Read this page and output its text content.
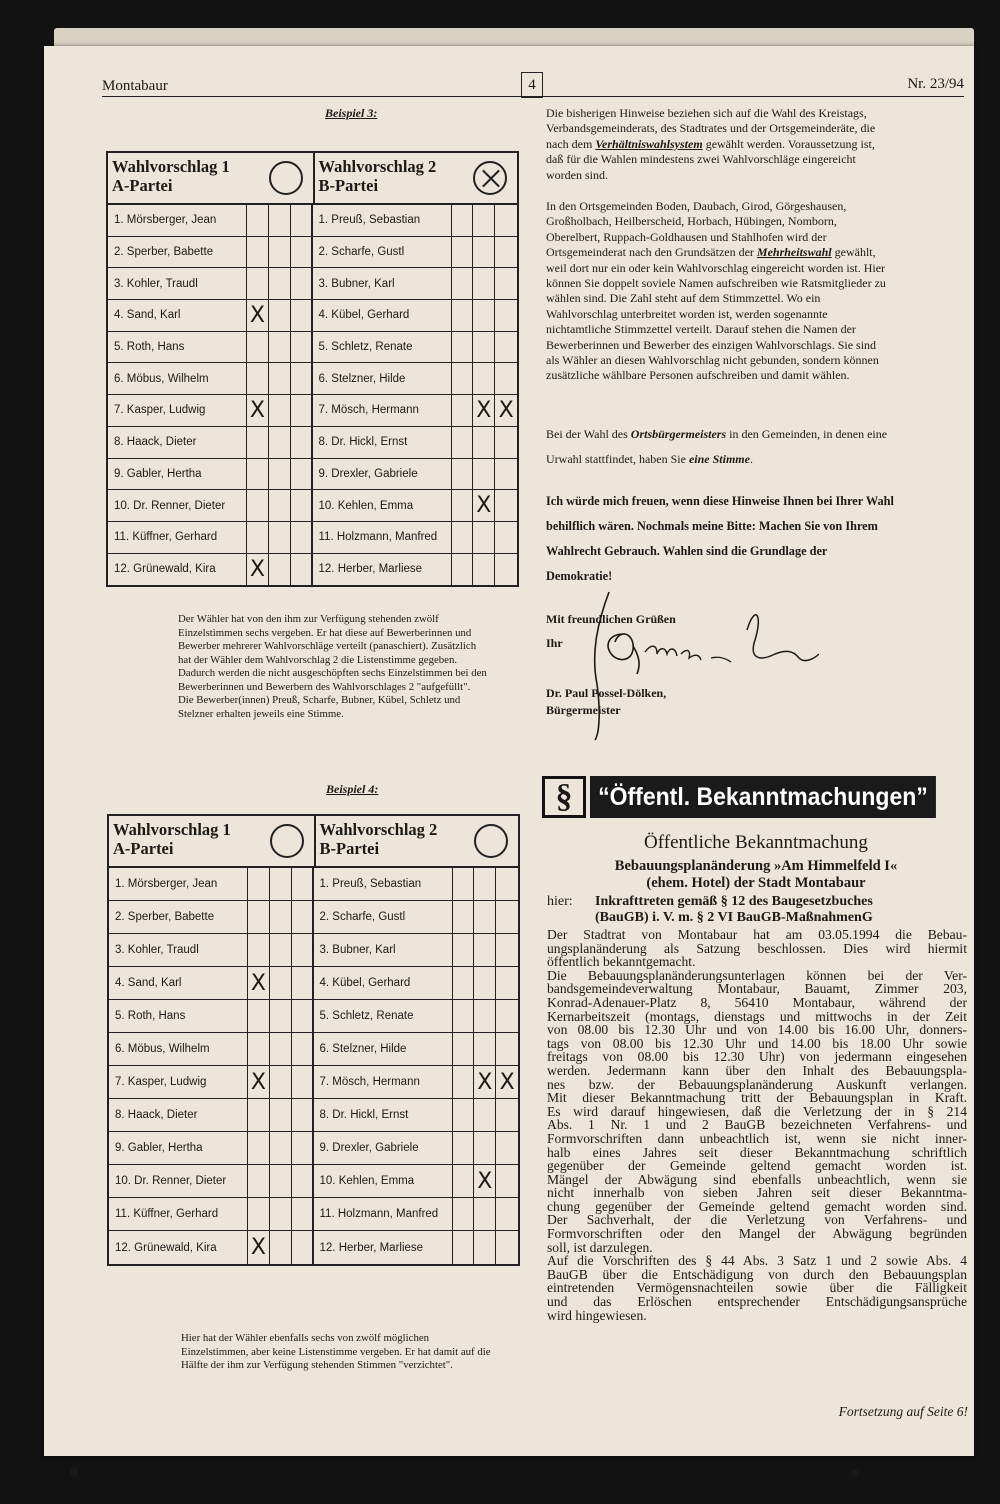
Montabaur	4	Nr. 23/94
Beispiel 3:
Wahlvorschlag 1
A-Partei
Wahlvorschlag 2
B-Partei
1. Mörsberger, Jean	1. Preuß, Sebastian
2. Sperber, Babette	2. Scharfe, Gustl
3. Kohler, Traudl	3. Bubner, Karl
4. Sand, Karl	X	4. Kübel, Gerhard
5. Roth, Hans	5. Schletz, Renate
6. Möbus, Wilhelm	6. Stelzner, Hilde
7. Kasper, Ludwig	X	7. Mösch, Hermann	X X
8. Haack, Dieter	8. Dr. Hickl, Ernst
9. Gabler, Hertha	9. Drexler, Gabriele
10. Dr. Renner, Dieter	10. Kehlen, Emma	X
11. Küffner, Gerhard	11. Holzmann, Manfred
12. Grünewald, Kira	X	12. Herber, Marliese
Der Wähler hat von den ihm zur Verfügung stehenden zwölf
Einzelstimmen sechs vergeben. Er hat diese auf Bewerberinnen und
Bewerber mehrerer Wahlvorschläge verteilt (panaschiert). Zusätzlich
hat der Wähler dem Wahlvorschlag 2 die Listenstimme gegeben.
Dadurch werden die nicht ausgeschöpften sechs Einzelstimmen bei den
Bewerberinnen und Bewerbern des Wahlvorschlages 2 "aufgefüllt".
Die Bewerber(innen) Preuß, Scharfe, Bubner, Kübel, Schletz und
Stelzner erhalten jeweils eine Stimme.
Beispiel 4:
Wahlvorschlag 1
A-Partei
Wahlvorschlag 2
B-Partei
1. Mörsberger, Jean	1. Preuß, Sebastian
2. Sperber, Babette	2. Scharfe, Gustl
3. Kohler, Traudl	3. Bubner, Karl
4. Sand, Karl	X	4. Kübel, Gerhard
5. Roth, Hans	5. Schletz, Renate
6. Möbus, Wilhelm	6. Stelzner, Hilde
7. Kasper, Ludwig	X	7. Mösch, Hermann	X X
8. Haack, Dieter	8. Dr. Hickl, Ernst
9. Gabler, Hertha	9. Drexler, Gabriele
10. Dr. Renner, Dieter	10. Kehlen, Emma	X
11. Küffner, Gerhard	11. Holzmann, Manfred
12. Grünewald, Kira	X	12. Herber, Marliese
Hier hat der Wähler ebenfalls sechs von zwölf möglichen
Einzelstimmen, aber keine Listenstimme vergeben. Er hat damit auf die
Hälfte der ihm zur Verfügung stehenden Stimmen "verzichtet".
Die bisherigen Hinweise beziehen sich auf die Wahl des Kreistags,
Verbandsgemeinderats, des Stadtrates und der Ortsgemeinderäte, die
nach dem Verhältniswahlsystem gewählt werden. Voraussetzung ist,
daß für die Wahlen mindestens zwei Wahlvorschläge eingereicht
worden sind.
In den Ortsgemeinden Boden, Daubach, Girod, Görgeshausen,
Großholbach, Heilberscheid, Horbach, Hübingen, Nomborn,
Oberelbert, Ruppach-Goldhausen und Stahlhofen wird der
Ortsgemeinderat nach den Grundsätzen der Mehrheitswahl gewählt,
weil dort nur ein oder kein Wahlvorschlag eingereicht worden ist. Hier
können Sie doppelt soviele Namen aufschreiben wie Ratsmitglieder zu
wählen sind. Die Zahl steht auf dem Stimmzettel. Wo ein
Wahlvorschlag unterbreitet worden ist, werden sogenannte
nichtamtliche Stimmzettel verteilt. Darauf stehen die Namen der
Bewerberinnen und Bewerber des einzigen Wahlvorschlags. Sie sind
als Wähler an diesen Wahlvorschlag nicht gebunden, sondern können
zusätzliche wählbare Personen aufschreiben und damit wählen.
Bei der Wahl des Ortsbürgermeisters in den Gemeinden, in denen eine
Urwahl stattfindet, haben Sie eine Stimme.
Ich würde mich freuen, wenn diese Hinweise Ihnen bei Ihrer Wahl
behilflich wären. Nochmals meine Bitte: Machen Sie von Ihrem
Wahlrecht Gebrauch. Wahlen sind die Grundlage der
Demokratie!
Mit freundlichen Grüßen
Ihr
Dr. Paul Possel-Dölken,
Bürgermeister
§	“Öffentl. Bekanntmachungen”
Öffentliche Bekanntmachung
Bebauungsplanänderung »Am Himmelfeld I«
(ehem. Hotel) der Stadt Montabaur
hier: Inkrafttreten gemäß § 12 des Baugesetzbuches
(BauGB) i. V. m. § 2 VI BauGB-MaßnahmenG
Der Stadtrat von Montabaur hat am 03.05.1994 die Bebau-
ungsplanänderung als Satzung beschlossen. Dies wird hiermit
öffentlich bekanntgemacht.
Die Bebauungsplanänderungsunterlagen können bei der Ver-
bandsgemeindeverwaltung Montabaur, Bauamt, Zimmer 203,
Konrad-Adenauer-Platz 8, 56410 Montabaur, während der
Kernarbeitszeit (montags, dienstags und mittwochs in der Zeit
von 08.00 bis 12.30 Uhr und von 14.00 bis 16.00 Uhr, donners-
tags von 08.00 bis 12.30 Uhr und 14.00 bis 18.00 Uhr sowie
freitags von 08.00 bis 12.30 Uhr) von jedermann eingesehen
werden. Jedermann kann über den Inhalt des Bebauungspla-
nes bzw. der Bebauungsplanänderung Auskunft verlangen.
Mit dieser Bekanntmachung tritt der Bebauungsplan in Kraft.
Es wird darauf hingewiesen, daß die Verletzung der in § 214
Abs. 1 Nr. 1 und 2 BauGB bezeichneten Verfahrens- und
Formvorschriften dann unbeachtlich ist, wenn sie nicht inner-
halb eines Jahres seit dieser Bekanntmachung schriftlich
gegenüber der Gemeinde geltend gemacht worden ist.
Mängel der Abwägung sind ebenfalls unbeachtlich, wenn sie
nicht innerhalb von sieben Jahren seit dieser Bekanntma-
chung gegenüber der Gemeinde geltend gemacht worden sind.
Der Sachverhalt, der die Verletzung von Verfahrens- und
Formvorschriften oder den Mangel der Abwägung begründen
soll, ist darzulegen.
Auf die Vorschriften des § 44 Abs. 3 Satz 1 und 2 sowie Abs. 4
BauGB über die Entschädigung von durch den Bebauungsplan
eintretenden Vermögensnachteilen sowie über die Fälligkeit
und das Erlöschen entsprechender Entschädigungsansprüche
wird hingewiesen.
Fortsetzung auf Seite 6!
